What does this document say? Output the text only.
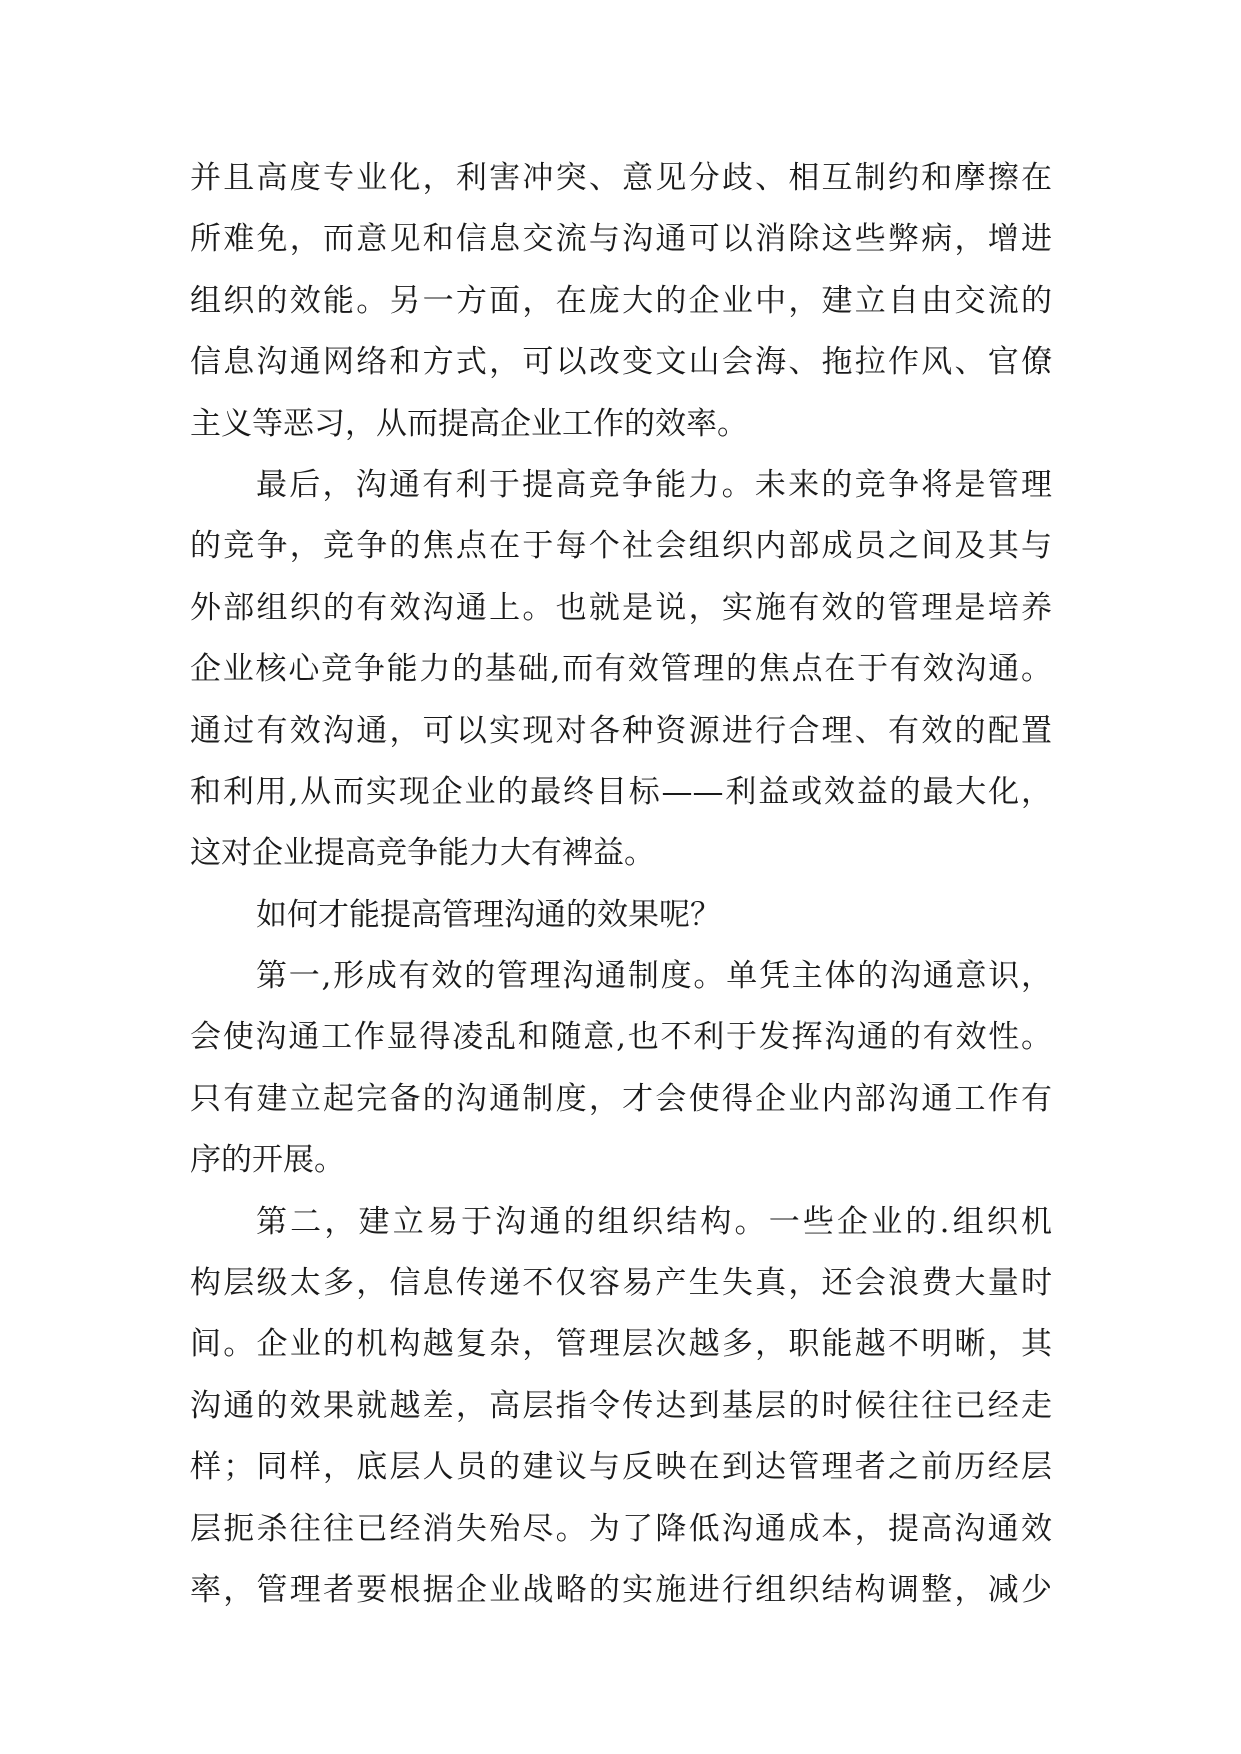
并且高度专业化，利害冲突、意见分歧、相互制约和摩擦在
所难免，而意见和信息交流与沟通可以消除这些弊病，增进
组织的效能。另一方面，在庞大的企业中，建立自由交流的
信息沟通网络和方式，可以改变文山会海、拖拉作风、官僚
主义等恶习，从而提高企业工作的效率。
最后，沟通有利于提高竞争能力。未来的竞争将是管理
的竞争，竞争的焦点在于每个社会组织内部成员之间及其与
外部组织的有效沟通上。也就是说，实施有效的管理是培养
企业核心竞争能力的基础,而有效管理的焦点在于有效沟通。
通过有效沟通，可以实现对各种资源进行合理、有效的配置
和利用,从而实现企业的最终目标——利益或效益的最大化，
这对企业提高竞争能力大有裨益。
如何才能提高管理沟通的效果呢？
第一,形成有效的管理沟通制度。单凭主体的沟通意识，
会使沟通工作显得凌乱和随意,也不利于发挥沟通的有效性。
只有建立起完备的沟通制度，才会使得企业内部沟通工作有
序的开展。
第二，建立易于沟通的组织结构。一些企业的.组织机
构层级太多，信息传递不仅容易产生失真，还会浪费大量时
间。企业的机构越复杂，管理层次越多，职能越不明晰，其
沟通的效果就越差，高层指令传达到基层的时候往往已经走
样；同样，底层人员的建议与反映在到达管理者之前历经层
层扼杀往往已经消失殆尽。为了降低沟通成本，提高沟通效
率，管理者要根据企业战略的实施进行组织结构调整，减少
